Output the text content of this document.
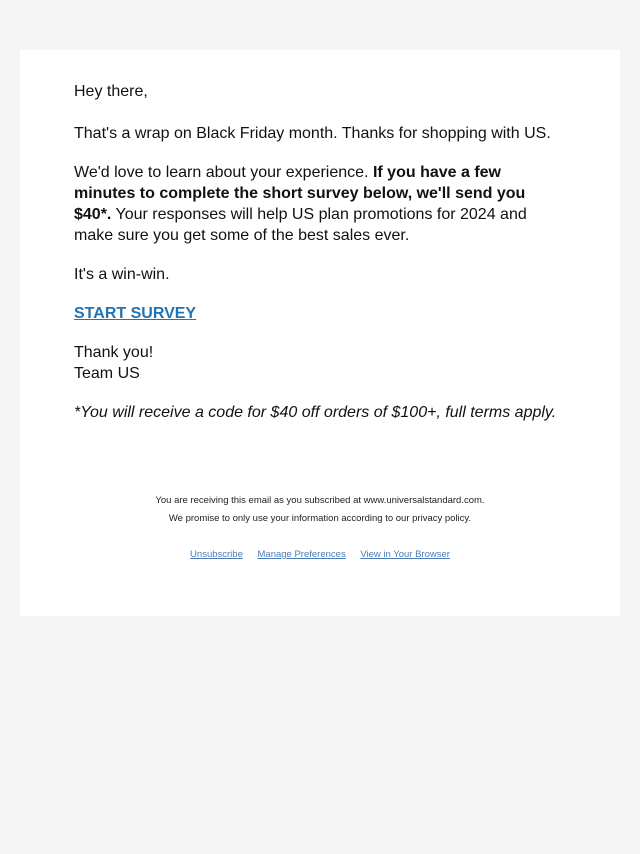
Hey there,

That's a wrap on Black Friday month. Thanks for shopping with US.

We'd love to learn about your experience. If you have a few minutes to complete the short survey below, we'll send you $40*. Your responses will help US plan promotions for 2024 and make sure you get some of the best sales ever.

It's a win-win.

START SURVEY

Thank you!
Team US

*You will receive a code for $40 off orders of $100+, full terms apply.

You are receiving this email as you subscribed at www.universalstandard.com.
We promise to only use your information according to our privacy policy.
Unsubscribe Manage Preferences View in Your Browser
